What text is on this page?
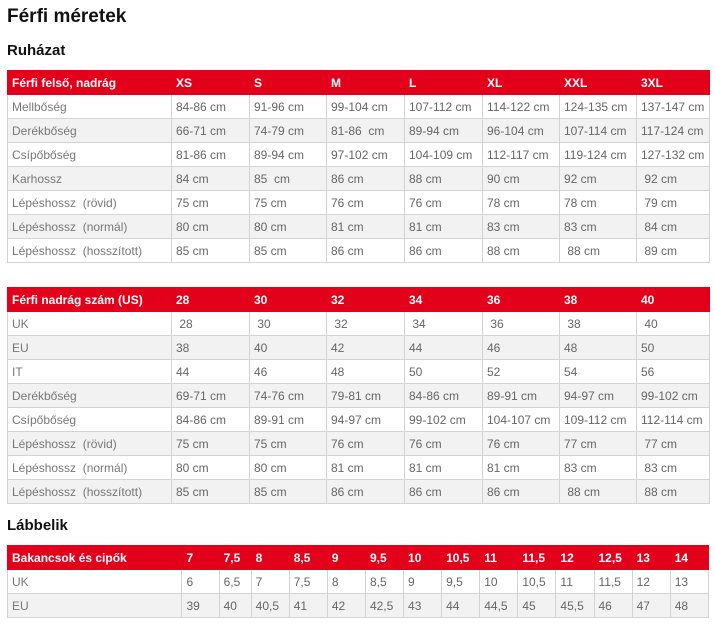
Férfi méretek
Ruházat
Férfi felső, nadrág	XS	S	M	L	XL	XXL	3XL
Mellbőség	84-86 cm	91-96 cm	99-104 cm	107-112 cm	114-122 cm	124-135 cm	137-147 cm
Derékbőség	66-71 cm	74-79 cm	81-86  cm	89-94 cm	96-104 cm	107-114 cm	117-124 cm
Csípőbőség	81-86 cm	89-94 cm	97-102 cm	104-109 cm	112-117 cm	119-124 cm	127-132 cm
Karhossz	84 cm	85  cm	86 cm	88 cm	90 cm	92 cm	92 cm
Lépéshossz  (rövid)	75 cm	75 cm	76 cm	76 cm	78 cm	78 cm	79 cm
Lépéshossz  (normál)	80 cm	80 cm	81 cm	81 cm	83 cm	83 cm	84 cm
Lépéshossz  (hosszított)	85 cm	85 cm	86 cm	86 cm	88 cm	88 cm	89 cm
Férfi nadrág szám (US)	28	30	32	34	36	38	40
UK	28	30	32	34	36	38	40
EU	38	40	42	44	46	48	50
IT	44	46	48	50	52	54	56
Derékbőség	69-71 cm	74-76 cm	79-81 cm	84-86 cm	89-91 cm	94-97 cm	99-102 cm
Csípőbőség	84-86 cm	89-91 cm	94-97 cm	99-102 cm	104-107 cm	109-112 cm	112-114 cm
Lépéshossz  (rövid)	75 cm	75 cm	76 cm	76 cm	76 cm	77 cm	77 cm
Lépéshossz  (normál)	80 cm	80 cm	81 cm	81 cm	81 cm	83 cm	83 cm
Lépéshossz  (hosszított)	85 cm	85 cm	86 cm	86 cm	86 cm	88 cm	88 cm
Lábbelik
Bakancsok és cipők	7	7,5	8	8,5	9	9,5	10	10,5	11	11,5	12	12,5	13	14
UK	6	6,5	7	7,5	8	8,5	9	9,5	10	10,5	11	11,5	12	13
EU	39	40	40,5	41	42	42,5	43	44	44,5	45	45,5	46	47	48
